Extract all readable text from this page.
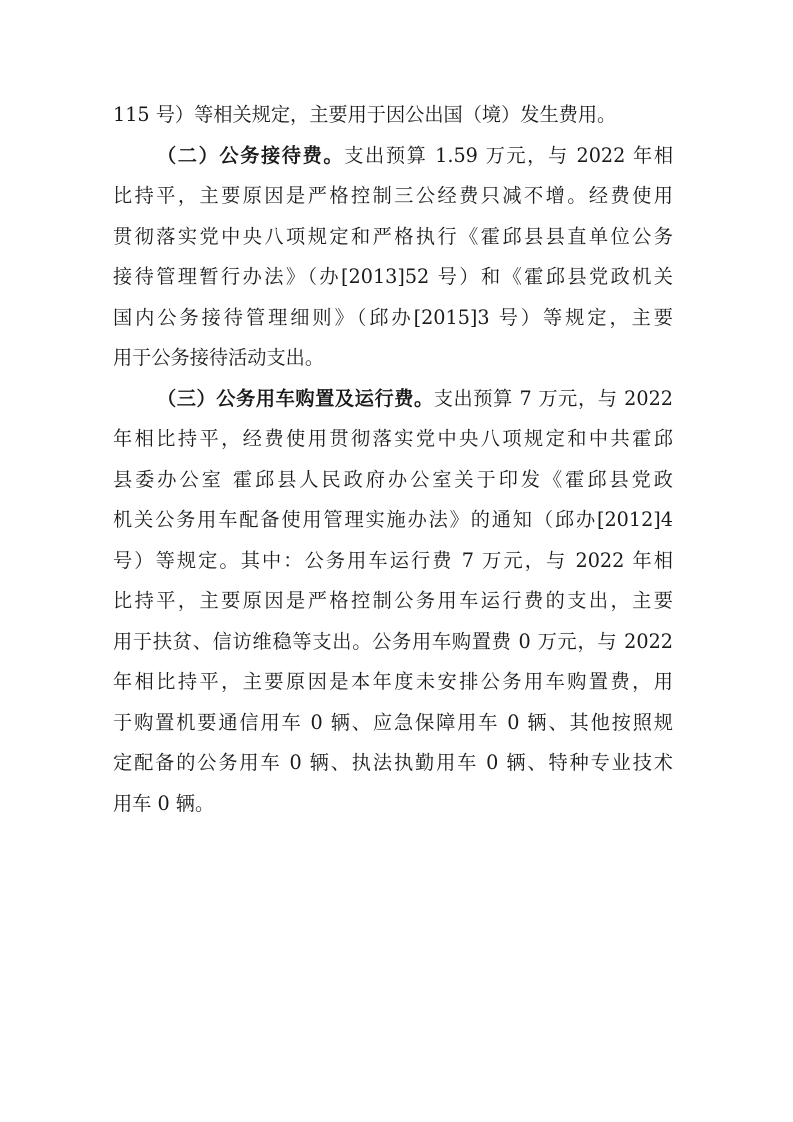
115 号）等相关规定，主要用于因公出国（境）发生费用。
（二）公务接待费。支出预算 1.59 万元，与 2022 年相
比持平，主要原因是严格控制三公经费只减不增。经费使用
贯彻落实党中央八项规定和严格执行《霍邱县县直单位公务
接待管理暂行办法》（办[2013]52 号）和《霍邱县党政机关
国内公务接待管理细则》（邱办[2015]3 号）等规定，主要
用于公务接待活动支出。
（三）公务用车购置及运行费。支出预算 7 万元，与 2022
年相比持平，经费使用贯彻落实党中央八项规定和中共霍邱
县委办公室 霍邱县人民政府办公室关于印发《霍邱县党政
机关公务用车配备使用管理实施办法》的通知（邱办[2012]4
号）等规定。其中：公务用车运行费 7 万元，与 2022 年相
比持平，主要原因是严格控制公务用车运行费的支出，主要
用于扶贫、信访维稳等支出。公务用车购置费 0 万元，与 2022
年相比持平，主要原因是本年度未安排公务用车购置费，用
于购置机要通信用车 0 辆、应急保障用车 0 辆、其他按照规
定配备的公务用车 0 辆、执法执勤用车 0 辆、特种专业技术
用车 0 辆。
